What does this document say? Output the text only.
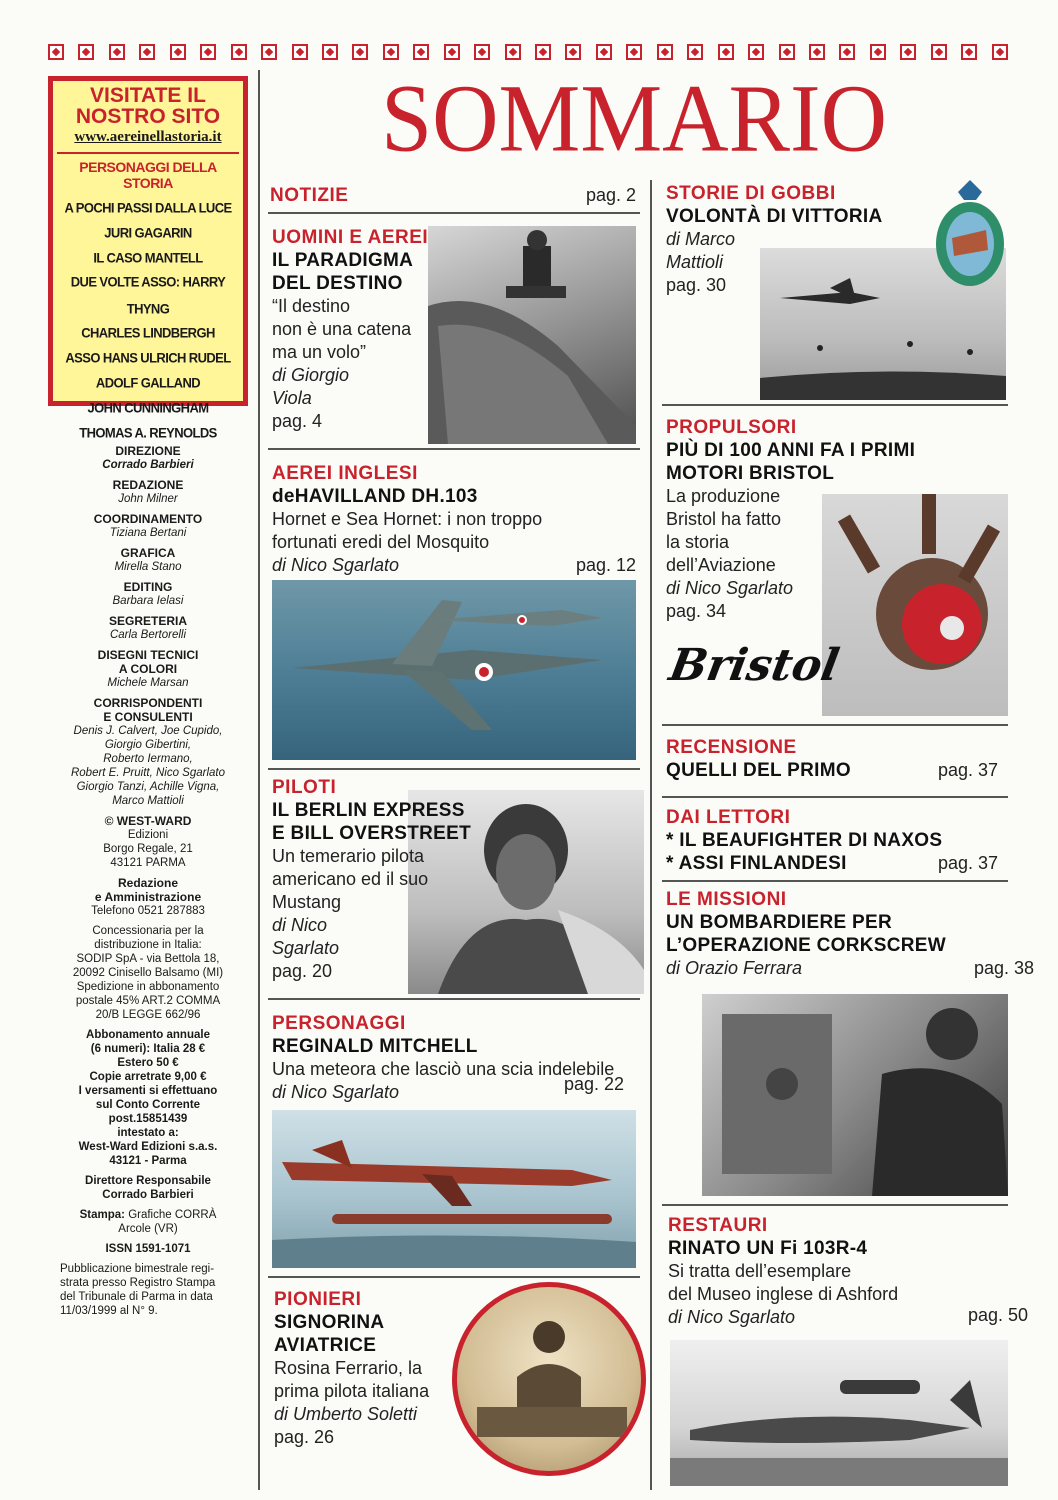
VISITATE IL
NOSTRO SITO
www.aereinellastoria.it
PERSONAGGI DELLA STORIA
A POCHI PASSI DALLA LUCE
JURI GAGARIN
IL CASO MANTELL
DUE VOLTE ASSO: HARRY THYNG
CHARLES LINDBERGH
ASSO HANS ULRICH RUDEL
ADOLF GALLAND
JOHN CUNNINGHAM
THOMAS A. REYNOLDS
DIREZIONE
Corrado Barbieri
REDAZIONE
John Milner
COORDINAMENTO
Tiziana Bertani
GRAFICA
Mirella Stano
EDITING
Barbara Ielasi
SEGRETERIA
Carla Bertorelli
DISEGNI TECNICI
A COLORI
Michele Marsan
CORRISPONDENTI
E CONSULENTI
Denis J. Calvert, Joe Cupido,
Giorgio Gibertini,
Roberto Iermano,
Robert E. Pruitt, Nico Sgarlato
Giorgio Tanzi, Achille Vigna,
Marco Mattioli
© WEST-WARD
Edizioni
Borgo Regale, 21
43121 PARMA
Redazione
e Amministrazione
Telefono 0521 287883
Concessionaria per la
distribuzione in Italia:
SODIP SpA - via Bettola 18,
20092 Cinisello Balsamo (MI)
Spedizione in abbonamento
postale 45% ART.2 COMMA
20/B LEGGE 662/96
Abbonamento annuale
(6 numeri): Italia 28 €
Estero 50 €
Copie arretrate 9,00 €
I versamenti si effettuano
sul Conto Corrente
post.15851439
intestato a:
West-Ward Edizioni s.a.s.
43121 - Parma
Direttore Responsabile
Corrado Barbieri
Stampa: Grafiche CORRÀ
Arcole (VR)
ISSN 1591-1071
Pubblicazione bimestrale regi-
strata presso Registro Stampa
del Tribunale di Parma in data
11/03/1999 al N° 9.
SOMMARIO
NOTIZIE	pag. 2
UOMINI E AEREI
IL PARADIGMA
DEL DESTINO
“Il destino
non è una catena
ma un volo”
di Giorgio
Viola
pag. 4
AEREI INGLESI
deHAVILLAND DH.103
Hornet e Sea Hornet: i non troppo
fortunati eredi del Mosquito
di Nico Sgarlato	pag. 12
PILOTI
IL BERLIN EXPRESS
E BILL OVERSTREET
Un temerario pilota
americano ed il suo
Mustang
di Nico
Sgarlato
pag. 20
PERSONAGGI
REGINALD MITCHELL
Una meteora che lasciò una scia indelebile
di Nico Sgarlato	pag. 22
PIONIERI
SIGNORINA
AVIATRICE
Rosina Ferrario, la
prima pilota italiana
di Umberto Soletti
pag. 26
STORIE DI GOBBI
VOLONTÀ DI VITTORIA
di Marco
Mattioli
pag. 30
PROPULSORI
PIÙ DI 100 ANNI FA I PRIMI
MOTORI BRISTOL
La produzione
Bristol ha fatto
la storia
dell’Aviazione
di Nico Sgarlato
pag. 34
Bristol
RECENSIONE
QUELLI DEL PRIMO	pag. 37
DAI LETTORI
* IL BEAUFIGHTER DI NAXOS
* ASSI FINLANDESI	pag. 37
LE MISSIONI
UN BOMBARDIERE PER
L’OPERAZIONE CORKSCREW
di Orazio Ferrara	pag. 38
RESTAURI
RINATO UN Fi 103R-4
Si tratta dell’esemplare
del Museo inglese di Ashford
di Nico Sgarlato	pag. 50
